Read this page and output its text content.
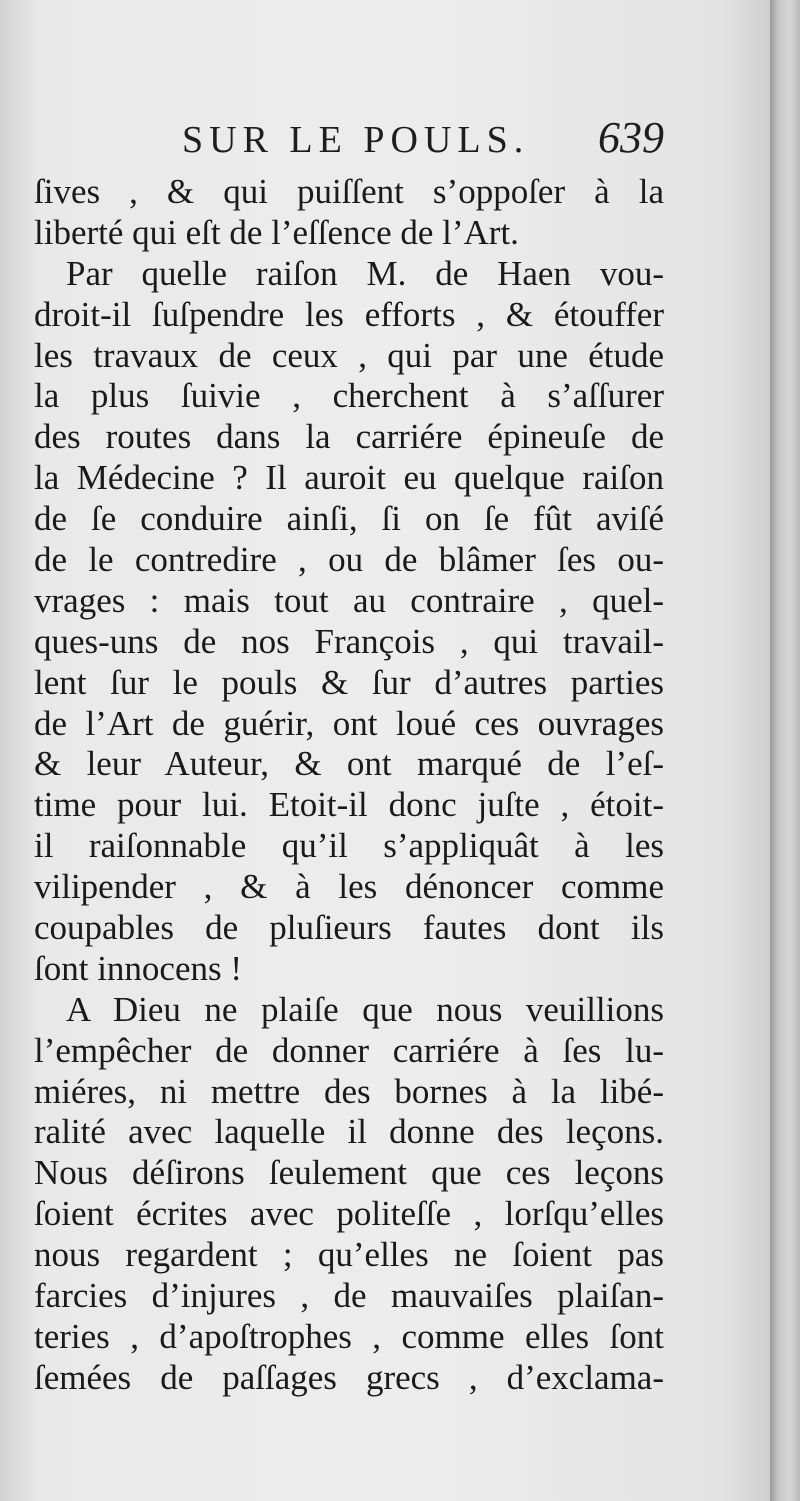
SUR LE POULS. 639
ſives , & qui puiſſent s’oppoſer à la
liberté qui eſt de l’eſſence de l’Art.
Par quelle raiſon M. de Haen vou-
droit-il ſuſpendre les efforts , & étouffer
les travaux de ceux , qui par une étude
la plus ſuivie , cherchent à s’aſſurer
des routes dans la carriére épineuſe de
la Médecine ? Il auroit eu quelque raiſon
de ſe conduire ainſi, ſi on ſe fût aviſé
de le contredire , ou de blâmer ſes ou-
vrages : mais tout au contraire , quel-
ques-uns de nos François , qui travail-
lent ſur le pouls & ſur d’autres parties
de l’Art de guérir, ont loué ces ouvrages
& leur Auteur, & ont marqué de l’eſ-
time pour lui. Etoit-il donc juſte , étoit-
il raiſonnable qu’il s’appliquât à les
vilipender , & à les dénoncer comme
coupables de pluſieurs fautes dont ils
ſont innocens !
A Dieu ne plaiſe que nous veuillions
l’empêcher de donner carriére à ſes lu-
miéres, ni mettre des bornes à la libé-
ralité avec laquelle il donne des leçons.
Nous déſirons ſeulement que ces leçons
ſoient écrites avec politeſſe , lorſqu’elles
nous regardent ; qu’elles ne ſoient pas
farcies d’injures , de mauvaiſes plaiſan-
teries , d’apoſtrophes , comme elles ſont
ſemées de paſſages grecs , d’exclama-
